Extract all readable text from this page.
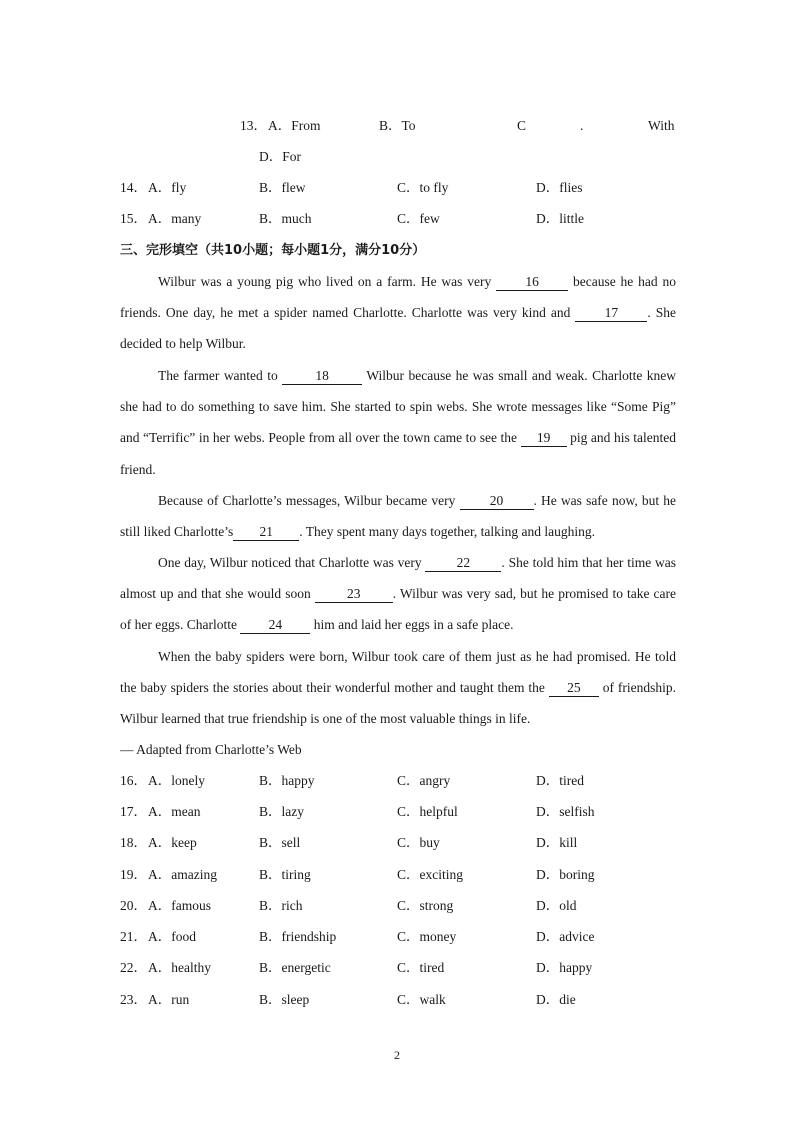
13． A．From	B．To	C	.	With
D．For
14． A．fly	B．flew	C．to fly	D．flies
15． A．many	B．much	C．few	D．little
三、完形填空（共10小题；每小题1分，满分10分）

Wilbur was a young pig who lived on a farm. He was very 16 because he had no friends. One day, he met a spider named Charlotte. Charlotte was very kind and 17 . She decided to help Wilbur.

The farmer wanted to 18 Wilbur because he was small and weak. Charlotte knew she had to do something to save him. She started to spin webs. She wrote messages like “Some Pig” and “Terrific” in her webs. People from all over the town came to see the 19 pig and his talented friend.

Because of Charlotte’s messages, Wilbur became very 20 . He was safe now, but he still liked Charlotte’s 21 . They spent many days together, talking and laughing.

One day, Wilbur noticed that Charlotte was very 22 . She told him that her time was almost up and that she would soon 23 . Wilbur was very sad, but he promised to take care of her eggs. Charlotte 24 him and laid her eggs in a safe place.

When the baby spiders were born, Wilbur took care of them just as he had promised. He told the baby spiders the stories about their wonderful mother and taught them the 25 of friendship. Wilbur learned that true friendship is one of the most valuable things in life.

— Adapted from Charlotte’s Web
16． A．lonely	B．happy	C．angry	D．tired
17． A．mean	B．lazy	C．helpful	D．selfish
18． A．keep	B．sell	C．buy	D．kill
19． A．amazing	B．tiring	C．exciting	D．boring
20． A．famous	B．rich	C．strong	D．old
21． A．food	B．friendship	C．money	D．advice
22． A．healthy	B．energetic	C．tired	D．happy
23． A．run	B．sleep	C．walk	D．die
2
